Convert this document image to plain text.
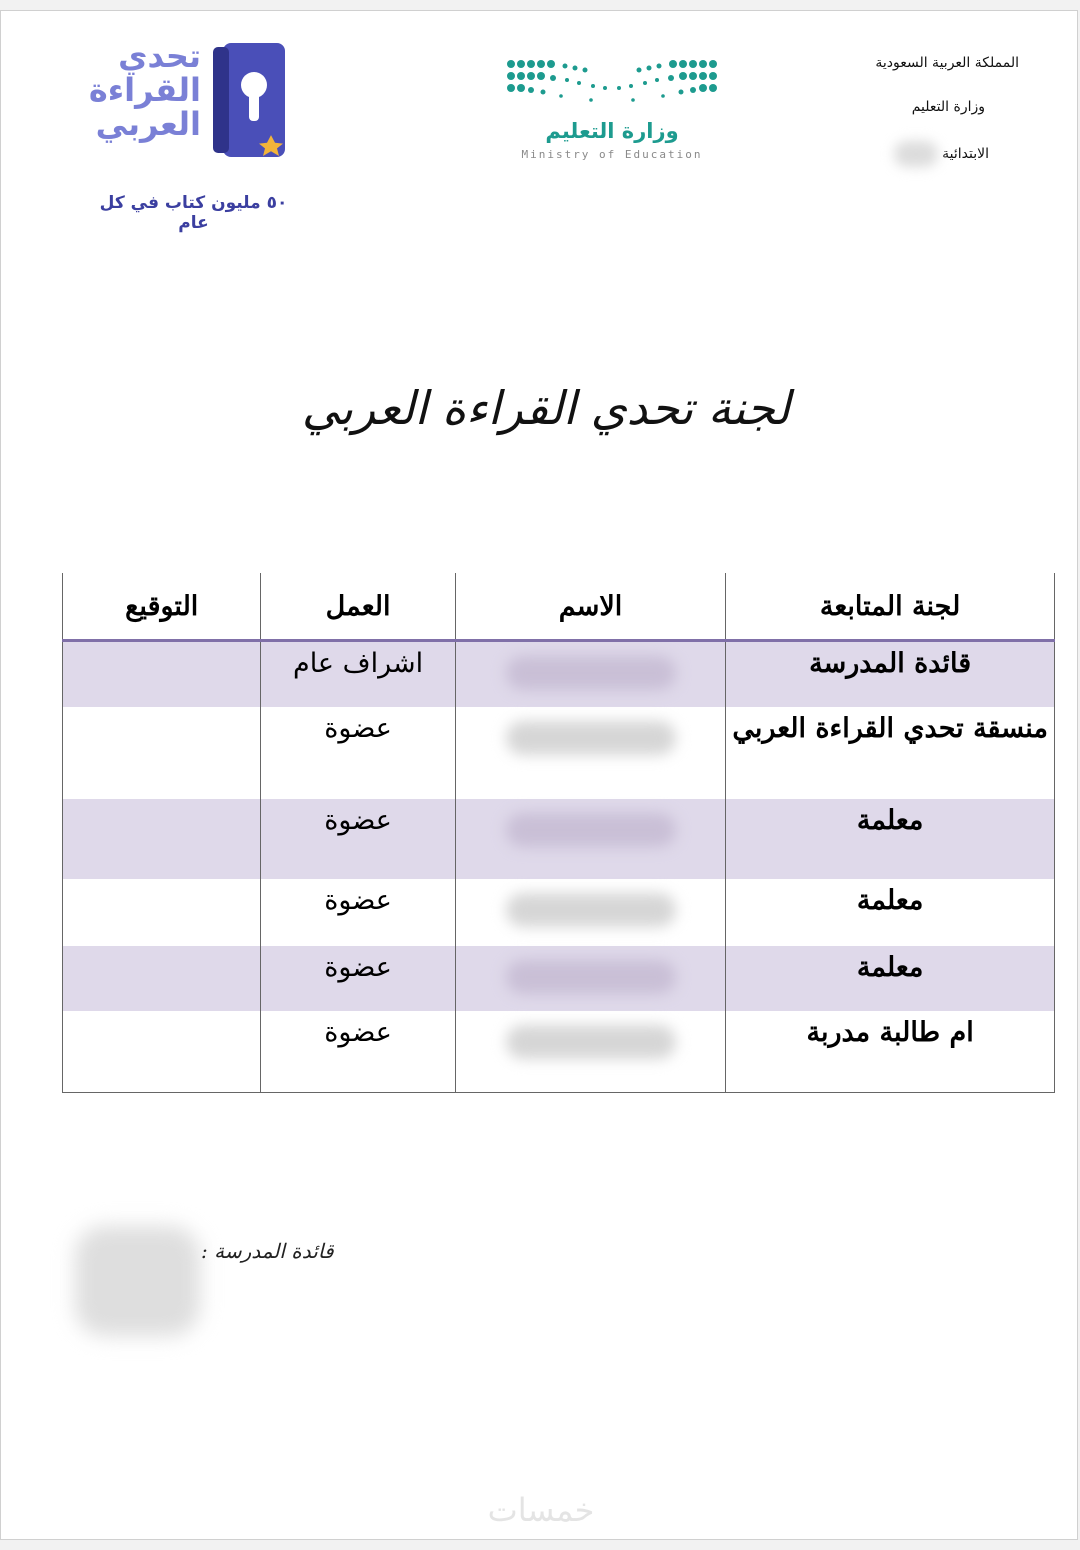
المملكة العربية السعودية
وزارة التعليم
الابتدائية
وزارة التعليم
Ministry of Education
تحدي
القراءة
العربي
٥٠ مليون كتاب في كل عام
لجنة تحدي القراءة العربي
لجنة المتابعة	الاسم	العمل	التوقيع
قائدة المدرسة		اشراف عام	
منسقة تحدي القراءة العربي		عضوة	
معلمة		عضوة	
معلمة		عضوة	
معلمة		عضوة	
ام طالبة مدربة		عضوة	
قائدة المدرسة :
خمسات
